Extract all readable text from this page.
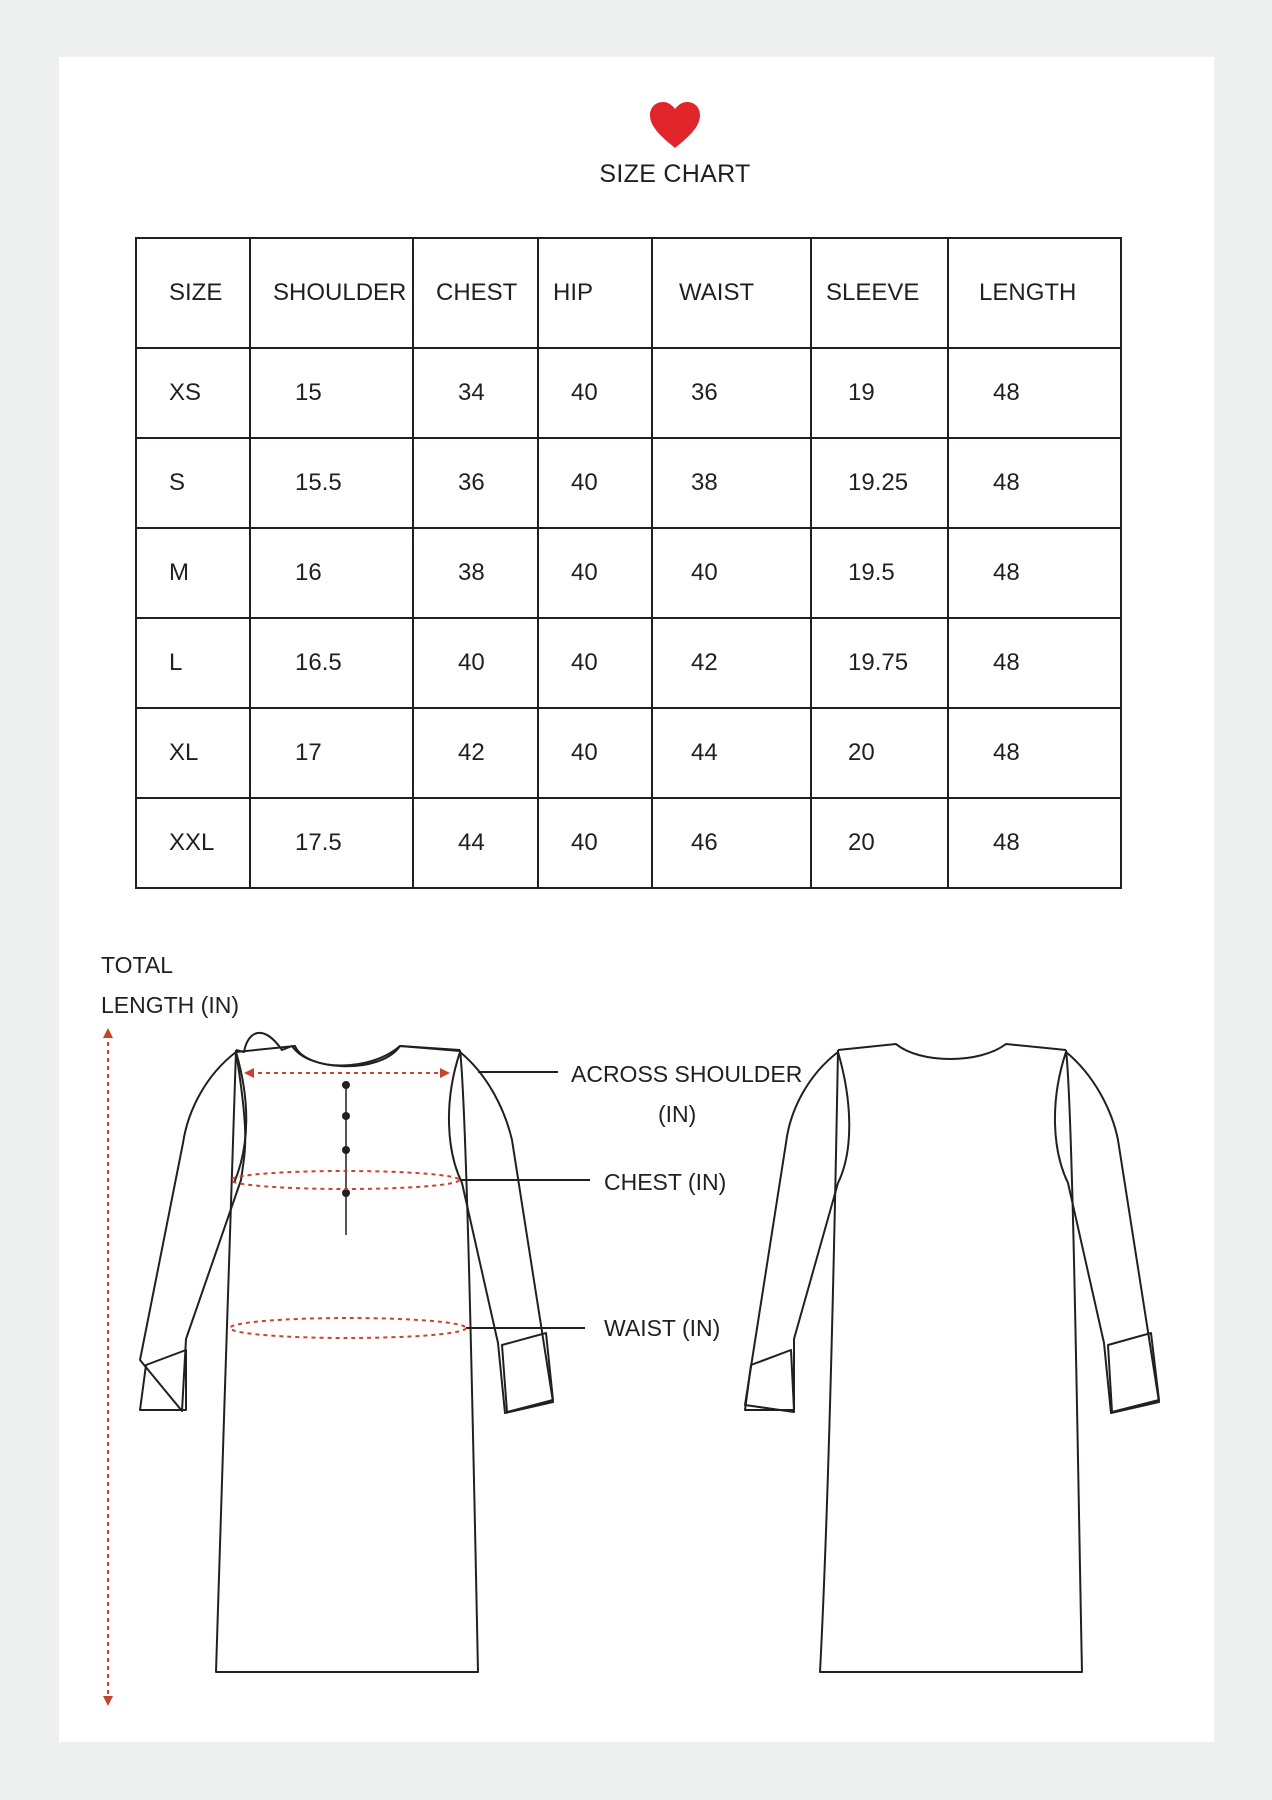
SIZE CHART
SIZE	SHOULDER	CHEST	HIP	WAIST	SLEEVE	LENGTH
XS	15	34	40	36	19	48
S	15.5	36	40	38	19.25	48
M	16	38	40	40	19.5	48
L	16.5	40	40	42	19.75	48
XL	17	42	40	44	20	48
XXL	17.5	44	40	46	20	48
TOTAL
LENGTH (IN)
ACROSS SHOULDER
(IN)
CHEST (IN)
WAIST (IN)
